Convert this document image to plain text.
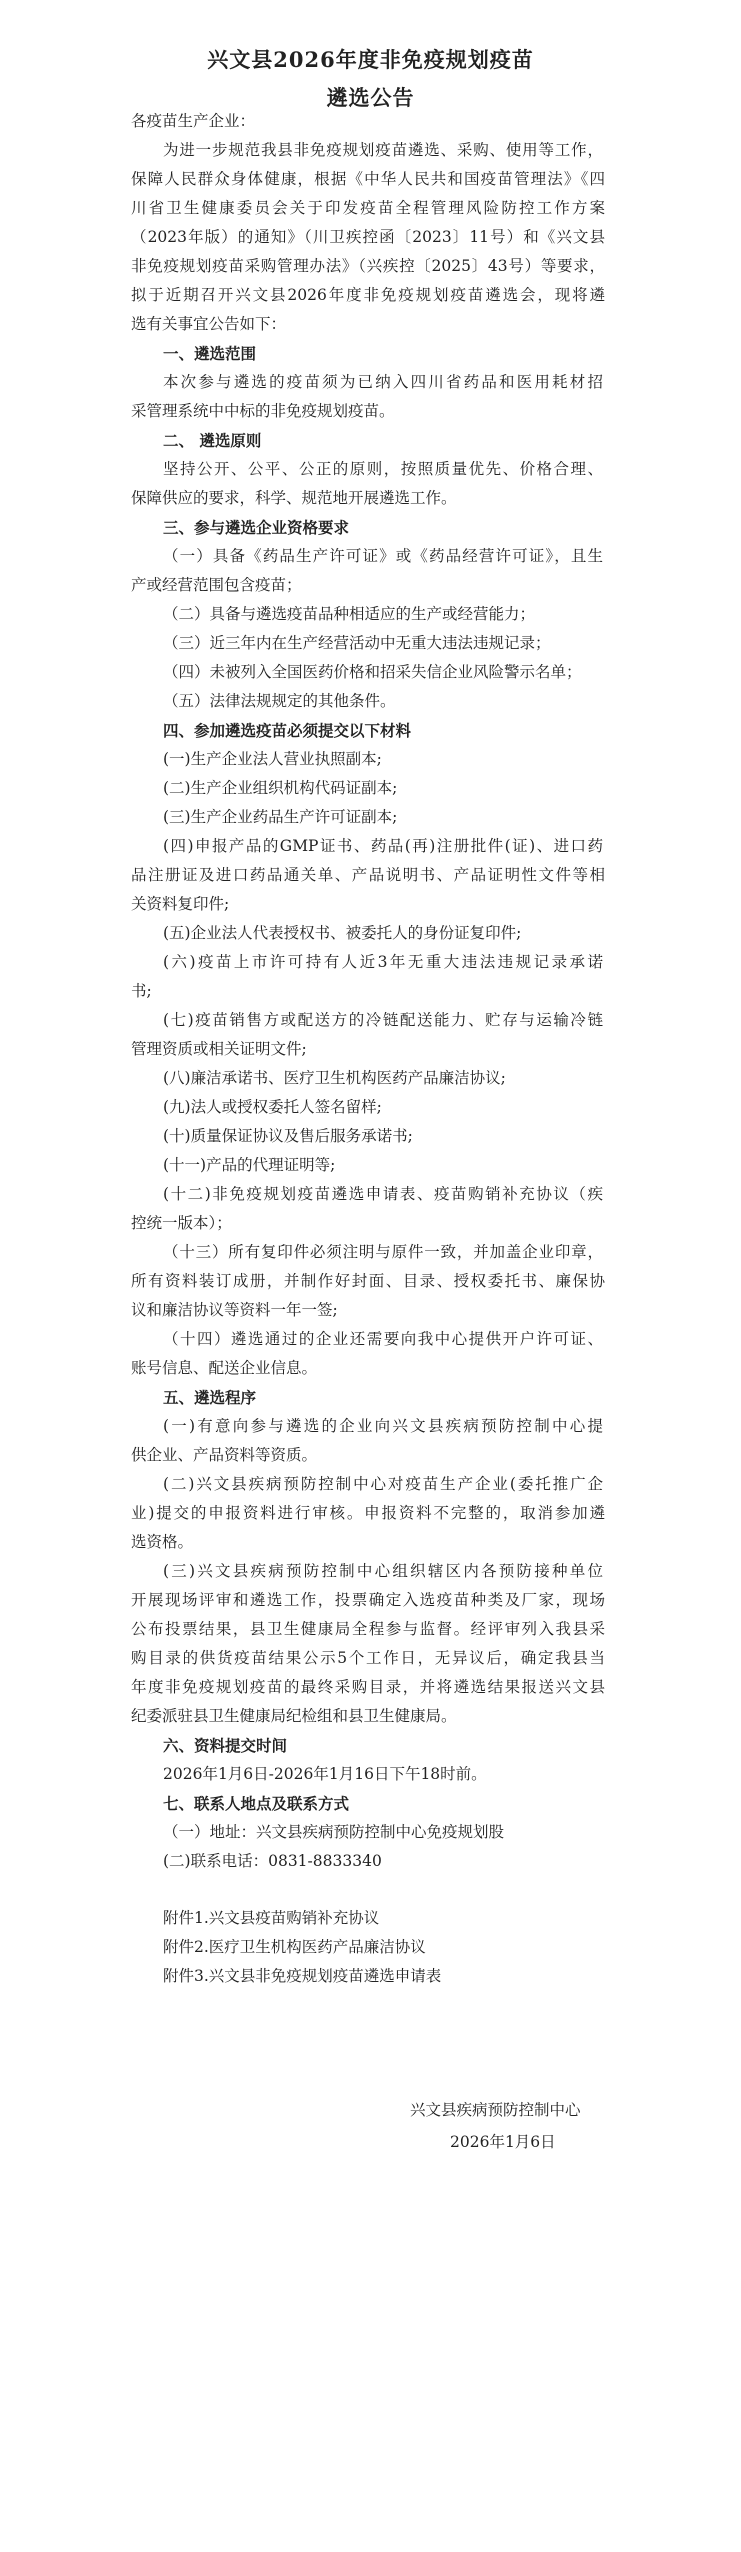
兴文县2026年度非免疫规划疫苗
遴选公告
各疫苗生产企业：
为进一步规范我县非免疫规划疫苗遴选、采购、使用等工作，
保障人民群众身体健康，根据《中华人民共和国疫苗管理法》《四
川省卫生健康委员会关于印发疫苗全程管理风险防控工作方案
（2023年版）的通知》（川卫疾控函〔2023〕11号）和《兴文县
非免疫规划疫苗采购管理办法》（兴疾控〔2025〕43号）等要求，
拟于近期召开兴文县2026年度非免疫规划疫苗遴选会，现将遴
选有关事宜公告如下：
一、遴选范围
本次参与遴选的疫苗须为已纳入四川省药品和医用耗材招
采管理系统中中标的非免疫规划疫苗。
二、 遴选原则
坚持公开、公平、公正的原则，按照质量优先、价格合理、
保障供应的要求，科学、规范地开展遴选工作。
三、参与遴选企业资格要求
（一）具备《药品生产许可证》或《药品经营许可证》，且生
产或经营范围包含疫苗；
（二）具备与遴选疫苗品种相适应的生产或经营能力；
（三）近三年内在生产经营活动中无重大违法违规记录；
（四）未被列入全国医药价格和招采失信企业风险警示名单；
（五）法律法规规定的其他条件。
四、参加遴选疫苗必须提交以下材料
(一)生产企业法人营业执照副本;
(二)生产企业组织机构代码证副本;
(三)生产企业药品生产许可证副本;
(四)申报产品的GMP证书、药品(再)注册批件(证)、进口药
品注册证及进口药品通关单、产品说明书、产品证明性文件等相
关资料复印件;
(五)企业法人代表授权书、被委托人的身份证复印件;
(六)疫苗上市许可持有人近3年无重大违法违规记录承诺
书;
(七)疫苗销售方或配送方的冷链配送能力、贮存与运输冷链
管理资质或相关证明文件;
(八)廉洁承诺书、医疗卫生机构医药产品廉洁协议;
(九)法人或授权委托人签名留样;
(十)质量保证协议及售后服务承诺书;
(十一)产品的代理证明等;
(十二)非免疫规划疫苗遴选申请表、疫苗购销补充协议（疾
控统一版本）；
（十三）所有复印件必须注明与原件一致，并加盖企业印章，
所有资料装订成册，并制作好封面、目录、授权委托书、廉保协
议和廉洁协议等资料一年一签;
（十四）遴选通过的企业还需要向我中心提供开户许可证、
账号信息、配送企业信息。
五、遴选程序
(一)有意向参与遴选的企业向兴文县疾病预防控制中心提
供企业、产品资料等资质。
(二)兴文县疾病预防控制中心对疫苗生产企业(委托推广企
业)提交的申报资料进行审核。申报资料不完整的，取消参加遴
选资格。
(三)兴文县疾病预防控制中心组织辖区内各预防接种单位
开展现场评审和遴选工作，投票确定入选疫苗种类及厂家，现场
公布投票结果，县卫生健康局全程参与监督。经评审列入我县采
购目录的供货疫苗结果公示5个工作日，无异议后，确定我县当
年度非免疫规划疫苗的最终采购目录，并将遴选结果报送兴文县
纪委派驻县卫生健康局纪检组和县卫生健康局。
六、资料提交时间
2026年1月6日-2026年1月16日下午18时前。
七、联系人地点及联系方式
（一）地址：兴文县疾病预防控制中心免疫规划股
(二)联系电话：0831-8833340
附件1.兴文县疫苗购销补充协议
附件2.医疗卫生机构医药产品廉洁协议
附件3.兴文县非免疫规划疫苗遴选申请表
兴文县疾病预防控制中心
2026年1月6日
